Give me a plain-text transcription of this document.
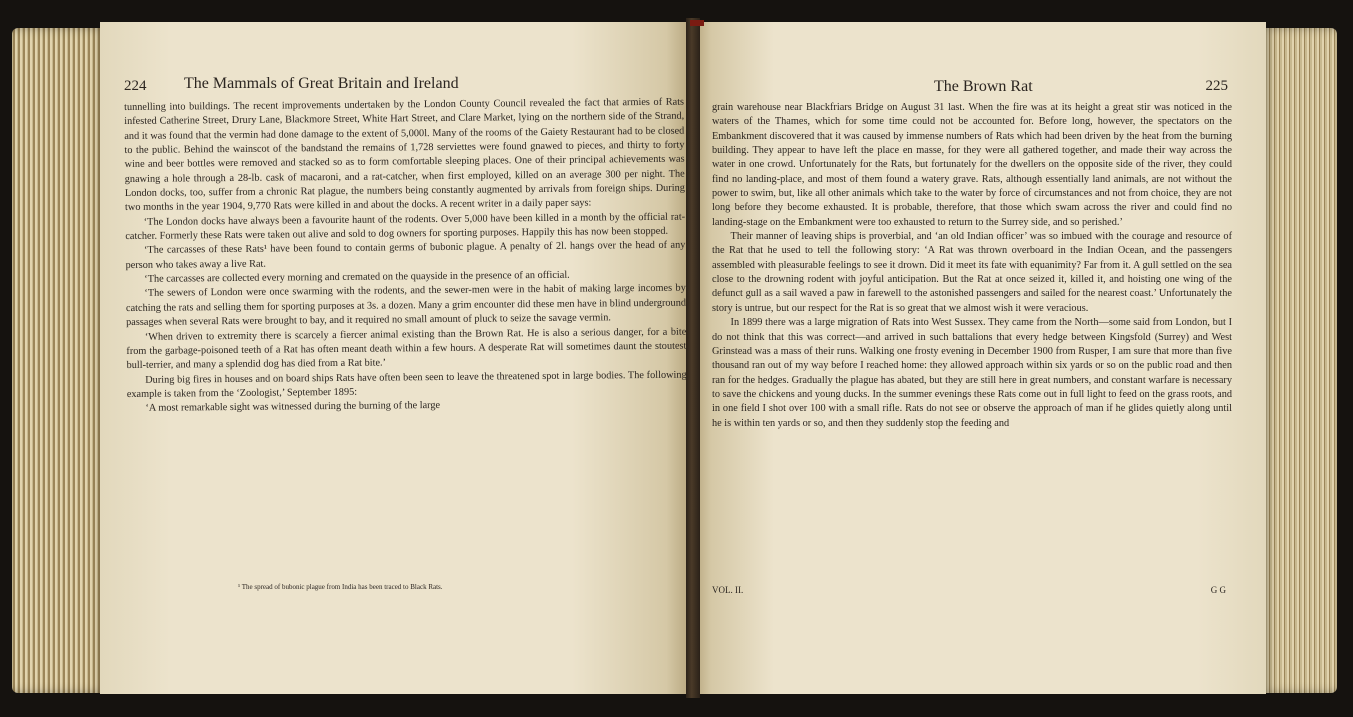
224 The Mammals of Great Britain and Ireland

tunnelling into buildings. The recent improvements undertaken by the London County Council revealed the fact that armies of Rats infested Catherine Street, Drury Lane, Blackmore Street, White Hart Street, and Clare Market, lying on the northern side of the Strand, and it was found that the vermin had done damage to the extent of 5,000l. Many of the rooms of the Gaiety Restaurant had to be closed to the public. Behind the wainscot of the bandstand the remains of 1,728 serviettes were found gnawed to pieces, and thirty to forty wine and beer bottles were removed and stacked so as to form comfortable sleeping places. One of their principal achievements was gnawing a hole through a 28-lb. cask of macaroni, and a rat-catcher, when first employed, killed on an average 300 per night. The London docks, too, suffer from a chronic Rat plague, the numbers being constantly augmented by arrivals from foreign ships. During two months in the year 1904, 9,770 Rats were killed in and about the docks. A recent writer in a daily paper says:

‘The London docks have always been a favourite haunt of the rodents. Over 5,000 have been killed in a month by the official rat-catcher. Formerly these Rats were taken out alive and sold to dog owners for sporting purposes. Happily this has now been stopped.

‘The carcasses of these Rats¹ have been found to contain germs of bubonic plague. A penalty of 2l. hangs over the head of any person who takes away a live Rat.

‘The carcasses are collected every morning and cremated on the quayside in the presence of an official.

‘The sewers of London were once swarming with the rodents, and the sewer-men were in the habit of making large incomes by catching the rats and selling them for sporting purposes at 3s. a dozen. Many a grim encounter did these men have in blind underground passages when several Rats were brought to bay, and it required no small amount of pluck to seize the savage vermin.

‘When driven to extremity there is scarcely a fiercer animal existing than the Brown Rat. He is also a serious danger, for a bite from the garbage-poisoned teeth of a Rat has often meant death within a few hours. A desperate Rat will sometimes daunt the stoutest bull-terrier, and many a splendid dog has died from a Rat bite.’

During big fires in houses and on board ships Rats have often been seen to leave the threatened spot in large bodies. The following example is taken from the ‘Zoologist,’ September 1895:

‘A most remarkable sight was witnessed during the burning of the large

¹ The spread of bubonic plague from India has been traced to Black Rats.
The Brown Rat	225

grain warehouse near Blackfriars Bridge on August 31 last. When the fire was at its height a great stir was noticed in the waters of the Thames, which for some time could not be accounted for. Before long, however, the spectators on the Embankment discovered that it was caused by immense numbers of Rats which had been driven by the heat from the burning building. They appear to have left the place en masse, for they were all gathered together, and made their way across the water in one crowd. Unfortunately for the Rats, but fortunately for the dwellers on the opposite side of the river, they could find no landing-place, and most of them found a watery grave. Rats, although essentially land animals, are not without the power to swim, but, like all other animals which take to the water by force of circumstances and not from choice, they are not long before they become exhausted. It is probable, therefore, that those which swam across the river and could find no landing-stage on the Embankment were too exhausted to return to the Surrey side, and so perished.’

Their manner of leaving ships is proverbial, and ‘an old Indian officer’ was so imbued with the courage and resource of the Rat that he used to tell the following story: ‘A Rat was thrown overboard in the Indian Ocean, and the passengers assembled with pleasurable feelings to see it drown. Did it meet its fate with equanimity? Far from it. A gull settled on the sea close to the drowning rodent with joyful anticipation. But the Rat at once seized it, killed it, and hoisting one wing of the defunct gull as a sail waved a paw in farewell to the astonished passengers and sailed for the nearest coast.’ Unfortunately the story is untrue, but our respect for the Rat is so great that we almost wish it were veracious.

In 1899 there was a large migration of Rats into West Sussex. They came from the North—some said from London, but I do not think that this was correct—and arrived in such battalions that every hedge between Kingsfold (Surrey) and West Grinstead was a mass of their runs. Walking one frosty evening in December 1900 from Rusper, I am sure that more than five thousand ran out of my way before I reached home: they allowed approach within six yards or so on the public road and then ran for the hedges. Gradually the plague has abated, but they are still here in great numbers, and constant warfare is necessary to save the chickens and young ducks. In the summer evenings these Rats come out in full light to feed on the grass roots, and in one field I shot over 100 with a small rifle. Rats do not see or observe the approach of man if he glides quietly along until he is within ten yards or so, and then they suddenly stop the feeding and

VOL. II.	G G
